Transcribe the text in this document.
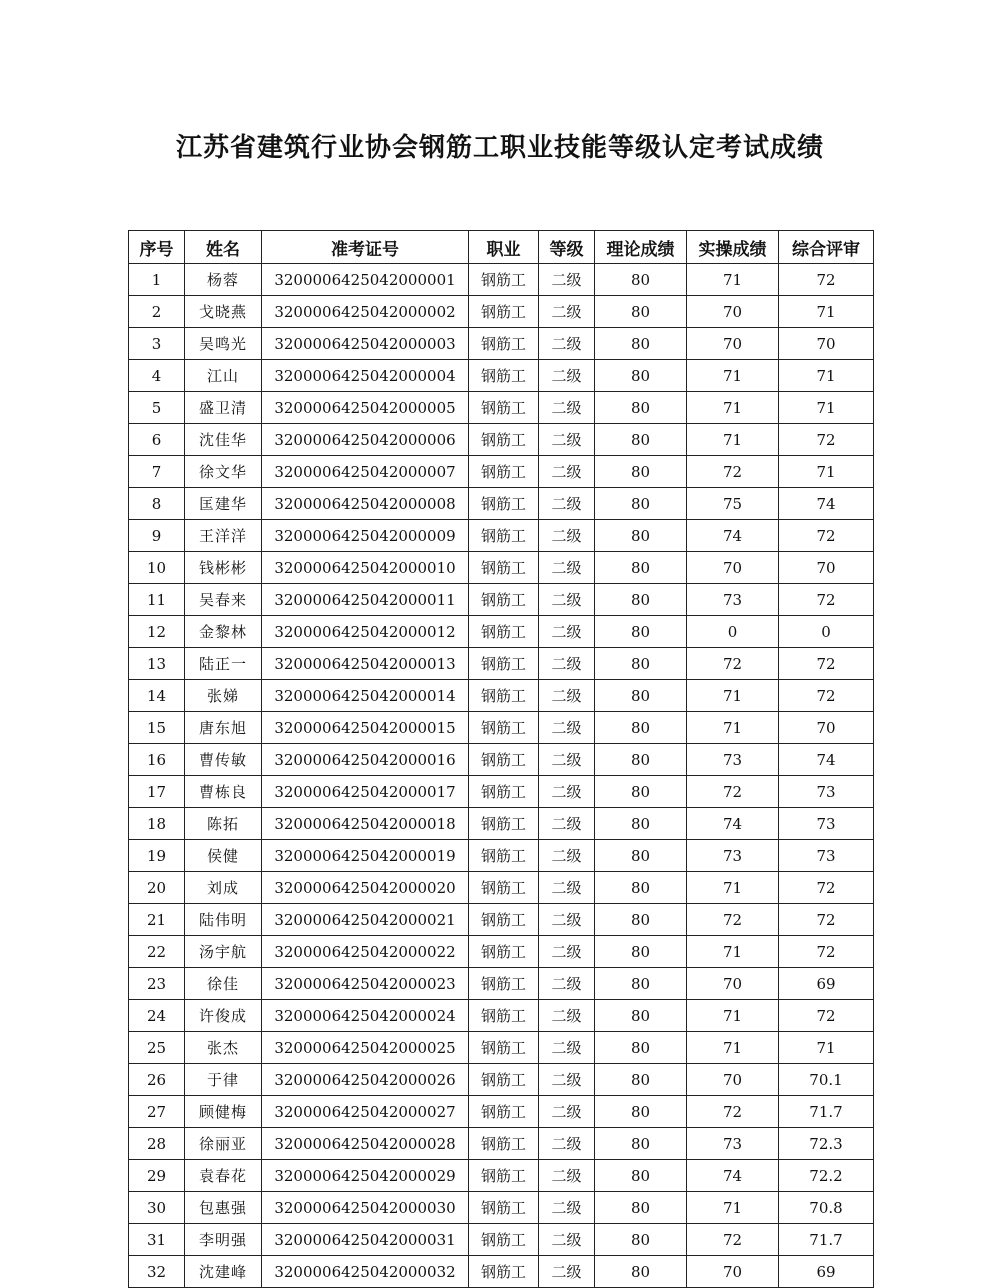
江苏省建筑行业协会钢筋工职业技能等级认定考试成绩
序号	姓名	准考证号	职业	等级	理论成绩	实操成绩	综合评审
1	杨蓉	3200006425042000001	钢筋工	二级	80	71	72
2	戈晓燕	3200006425042000002	钢筋工	二级	80	70	71
3	吴鸣光	3200006425042000003	钢筋工	二级	80	70	70
4	江山	3200006425042000004	钢筋工	二级	80	71	71
5	盛卫清	3200006425042000005	钢筋工	二级	80	71	71
6	沈佳华	3200006425042000006	钢筋工	二级	80	71	72
7	徐文华	3200006425042000007	钢筋工	二级	80	72	71
8	匡建华	3200006425042000008	钢筋工	二级	80	75	74
9	王洋洋	3200006425042000009	钢筋工	二级	80	74	72
10	钱彬彬	3200006425042000010	钢筋工	二级	80	70	70
11	吴春来	3200006425042000011	钢筋工	二级	80	73	72
12	金黎林	3200006425042000012	钢筋工	二级	80	0	0
13	陆正一	3200006425042000013	钢筋工	二级	80	72	72
14	张娣	3200006425042000014	钢筋工	二级	80	71	72
15	唐东旭	3200006425042000015	钢筋工	二级	80	71	70
16	曹传敏	3200006425042000016	钢筋工	二级	80	73	74
17	曹栋良	3200006425042000017	钢筋工	二级	80	72	73
18	陈拓	3200006425042000018	钢筋工	二级	80	74	73
19	侯健	3200006425042000019	钢筋工	二级	80	73	73
20	刘成	3200006425042000020	钢筋工	二级	80	71	72
21	陆伟明	3200006425042000021	钢筋工	二级	80	72	72
22	汤宇航	3200006425042000022	钢筋工	二级	80	71	72
23	徐佳	3200006425042000023	钢筋工	二级	80	70	69
24	许俊成	3200006425042000024	钢筋工	二级	80	71	72
25	张杰	3200006425042000025	钢筋工	二级	80	71	71
26	于律	3200006425042000026	钢筋工	二级	80	70	70.1
27	顾健梅	3200006425042000027	钢筋工	二级	80	72	71.7
28	徐丽亚	3200006425042000028	钢筋工	二级	80	73	72.3
29	袁春花	3200006425042000029	钢筋工	二级	80	74	72.2
30	包惠强	3200006425042000030	钢筋工	二级	80	71	70.8
31	李明强	3200006425042000031	钢筋工	二级	80	72	71.7
32	沈建峰	3200006425042000032	钢筋工	二级	80	70	69
